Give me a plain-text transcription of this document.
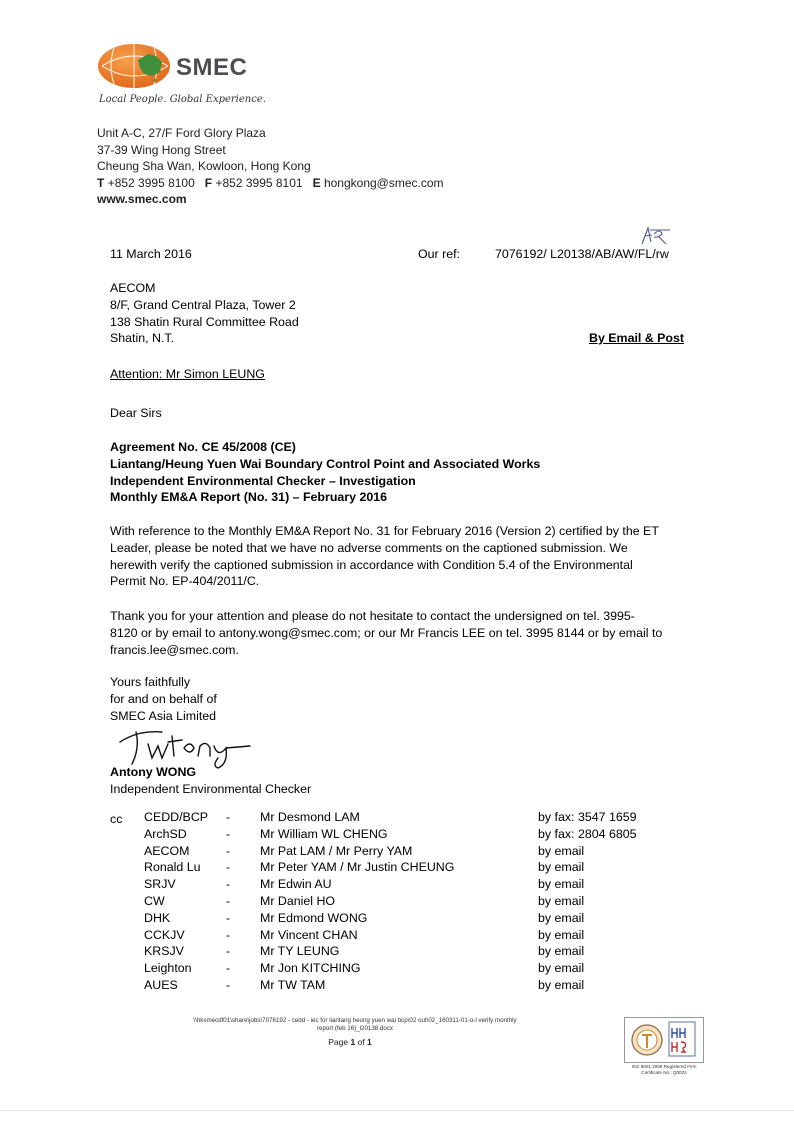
SMEC
Local People. Global Experience.
Unit A-C, 27/F Ford Glory Plaza
37-39 Wing Hong Street
Cheung Sha Wan, Kowloon, Hong Kong
T +852 3995 8100 F +852 3995 8101 E hongkong@smec.com
www.smec.com
11 March 2016	Our ref:	7076192/ L20138/AB/AW/FL/rw
AECOM
8/F, Grand Central Plaza, Tower 2
138 Shatin Rural Committee Road
Shatin, N.T.	By Email & Post
Attention: Mr Simon LEUNG
Dear Sirs
Agreement No. CE 45/2008 (CE)
Liantang/Heung Yuen Wai Boundary Control Point and Associated Works
Independent Environmental Checker – Investigation
Monthly EM&A Report (No. 31) – February 2016
With reference to the Monthly EM&A Report No. 31 for February 2016 (Version 2) certified by the ET
Leader, please be noted that we have no adverse comments on the captioned submission. We
herewith verify the captioned submission in accordance with Condition 5.4 of the Environmental
Permit No. EP-404/2011/C.
Thank you for your attention and please do not hesitate to contact the undersigned on tel. 3995-
8120 or by email to antony.wong@smec.com; or our Mr Francis LEE on tel. 3995 8144 or by email to
francis.lee@smec.com.
Yours faithfully
for and on behalf of
SMEC Asia Limited
Antony WONG
Independent Environmental Checker
cc CEDD/BCP	-	Mr Desmond LAM	by fax: 3547 1659
ArchSD	-	Mr William WL CHENG	by fax: 2804 6805
AECOM	-	Mr Pat LAM / Mr Perry YAM	by email
Ronald Lu	-	Mr Peter YAM / Mr Justin CHEUNG	by email
SRJV	-	Mr Edwin AU	by email
CW	-	Mr Daniel HO	by email
DHK	-	Mr Edmond WONG	by email
CCKJV	-	Mr Vincent CHAN	by email
KRSJV	-	Mr TY LEUNG	by email
Leighton	-	Mr Jon KITCHING	by email
AUES	-	Mr TW TAM	by email
\\hksmecdf01\share\jobs\7076192 - cedd - iec for liantang heung yuen wai bcp\02 out\02_160311-01-o-l verify monthly
report (feb 16)_l20138.docx
Page 1 of 1
ISO 9001:2008 Registered Firm
Certificate No.: Q0022
